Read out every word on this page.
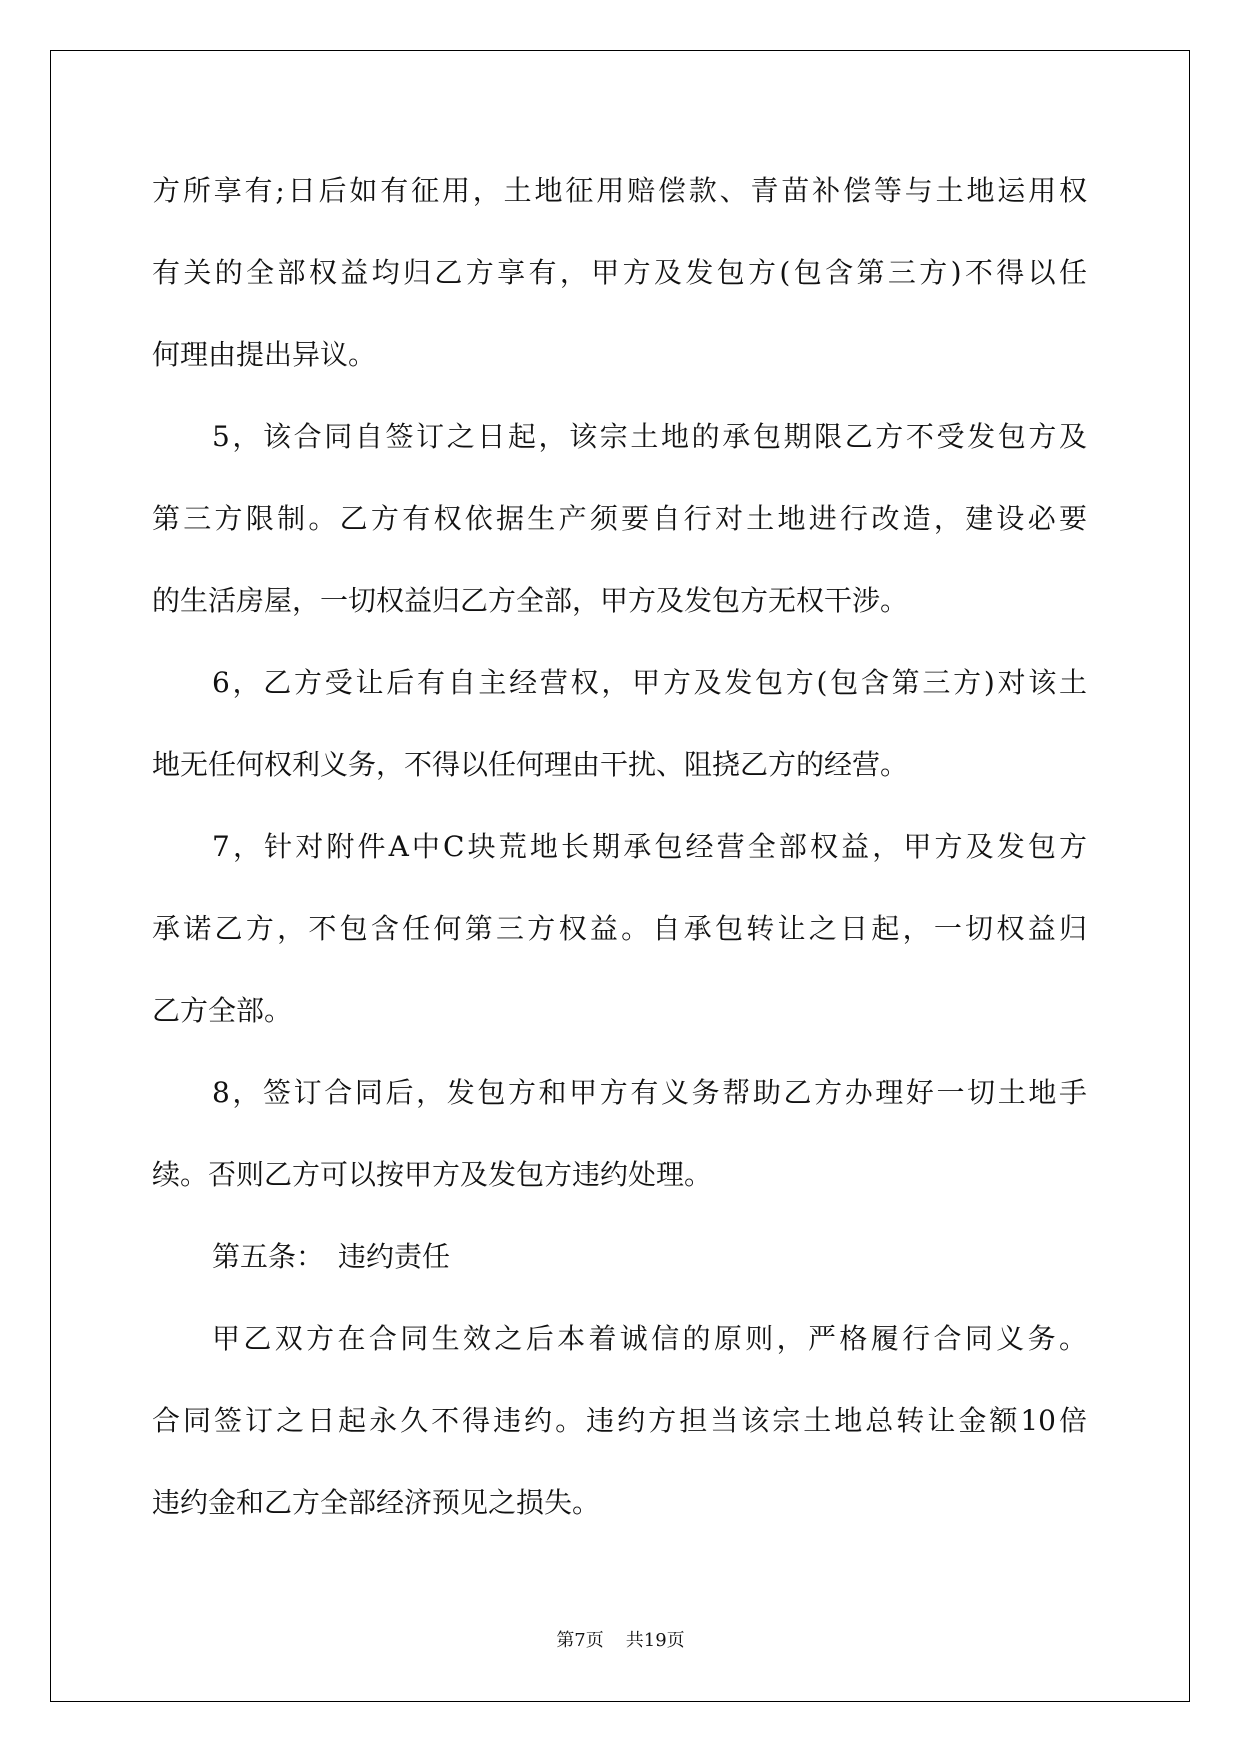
方所享有;日后如有征用，土地征用赔偿款、青苗补偿等与土地运用权
有关的全部权益均归乙方享有，甲方及发包方(包含第三方)不得以任
何理由提出异议。
5，该合同自签订之日起，该宗土地的承包期限乙方不受发包方及
第三方限制。乙方有权依据生产须要自行对土地进行改造，建设必要
的生活房屋，一切权益归乙方全部，甲方及发包方无权干涉。
6，乙方受让后有自主经营权，甲方及发包方(包含第三方)对该土
地无任何权利义务，不得以任何理由干扰、阻挠乙方的经营。
7，针对附件A中C块荒地长期承包经营全部权益，甲方及发包方
承诺乙方，不包含任何第三方权益。自承包转让之日起，一切权益归
乙方全部。
8，签订合同后，发包方和甲方有义务帮助乙方办理好一切土地手
续。否则乙方可以按甲方及发包方违约处理。
第五条：　违约责任
甲乙双方在合同生效之后本着诚信的原则，严格履行合同义务。
合同签订之日起永久不得违约。违约方担当该宗土地总转让金额10倍
违约金和乙方全部经济预见之损失。
第7页 共19页
